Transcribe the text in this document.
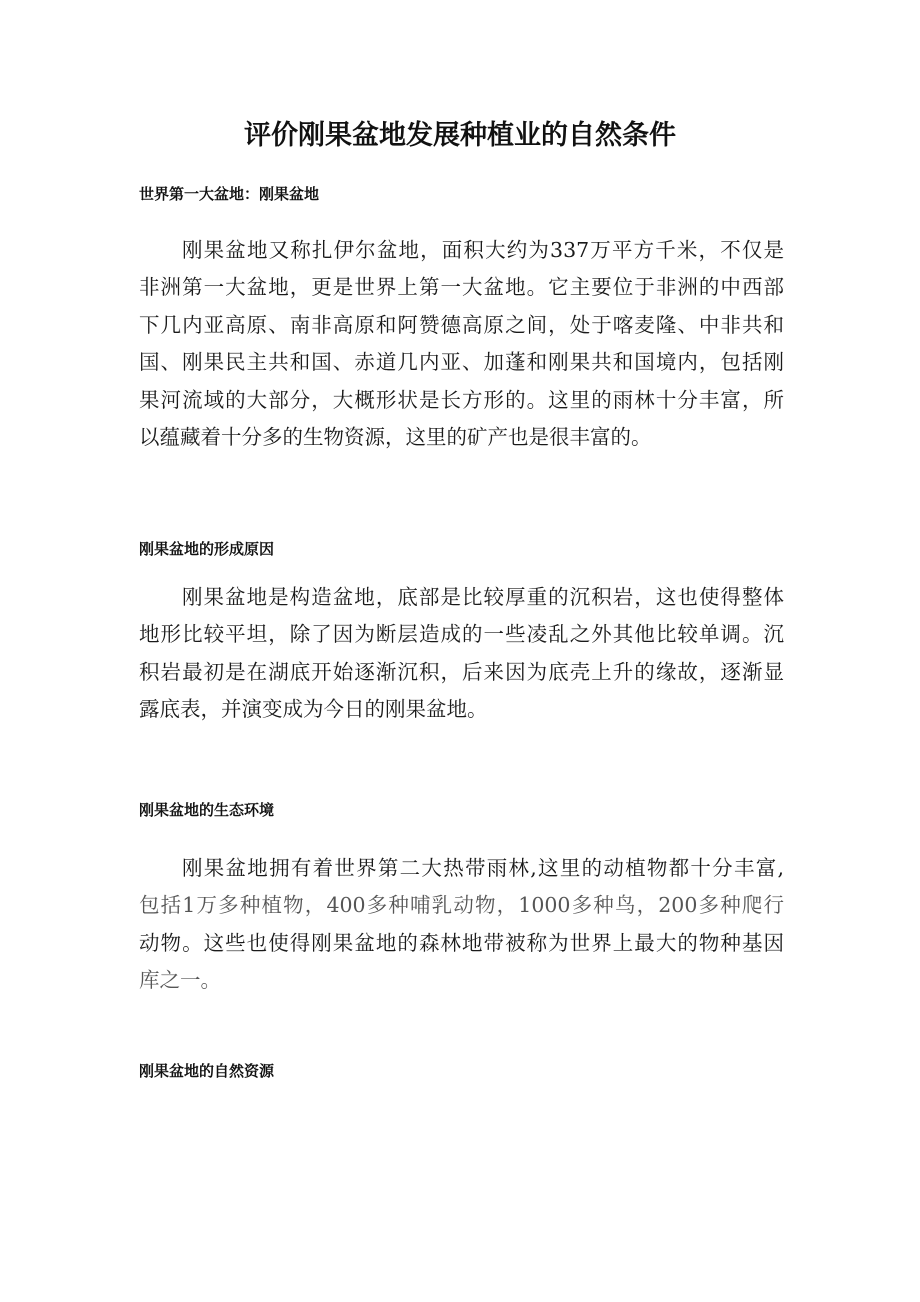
评价刚果盆地发展种植业的自然条件
世界第一大盆地：刚果盆地
刚果盆地又称扎伊尔盆地，面积大约为337万平方千米，不仅是
非洲第一大盆地，更是世界上第一大盆地。它主要位于非洲的中西部
下几内亚高原、南非高原和阿赞德高原之间，处于喀麦隆、中非共和
国、刚果民主共和国、赤道几内亚、加蓬和刚果共和国境内，包括刚
果河流域的大部分，大概形状是长方形的。这里的雨林十分丰富，所
以蕴藏着十分多的生物资源，这里的矿产也是很丰富的。
刚果盆地的形成原因
刚果盆地是构造盆地，底部是比较厚重的沉积岩，这也使得整体
地形比较平坦，除了因为断层造成的一些凌乱之外其他比较单调。沉
积岩最初是在湖底开始逐渐沉积，后来因为底壳上升的缘故，逐渐显
露底表，并演变成为今日的刚果盆地。
刚果盆地的生态环境
刚果盆地拥有着世界第二大热带雨林,这里的动植物都十分丰富,
包括1万多种植物，400多种哺乳动物，1000多种鸟，200多种爬行
动物。这些也使得刚果盆地的森林地带被称为世界上最大的物种基因
库之一。
刚果盆地的自然资源
